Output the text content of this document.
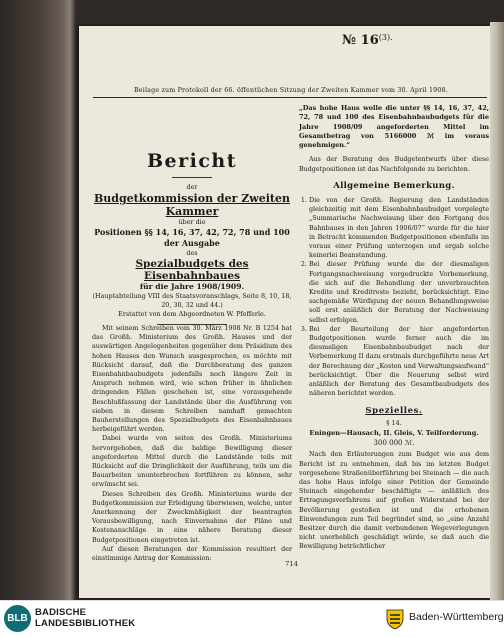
№ $16^{(3).}$
Beilage zum Protokoll der 66. öffentlichen Sitzung der Zweiten Kammer vom 30. April 1908.
Bericht
der
Budgetkommission der Zweiten Kammer
über die
Positionen §§ 14, 16, 37, 42, 72, 78 und 100 der Ausgabe
des
Spezialbudgets des Eisenbahnbaues
für die Jahre 1908/1909.
(Hauptabteilung VIII des Staatsvoranschlags, Seite 8, 10, 18, 20, 30, 32 und 44.)
Erstattet von dem Abgeordneten W. Pfefferle.

Mit seinem Schreiben vom 30. März 1908 Nr. B 1254 hat das Großh. Ministerium des Großh. Hauses und der auswärtigen Angelegenheiten gegenüber dem Präsidium des hohen Hauses den Wunsch ausgesprochen, es möchte mit Rücksicht darauf, daß die Durchberatung des ganzen Eisenbahnbaubudgets jedenfalls noch längere Zeit in Anspruch nehmen wird, wie schon früher in ähnlichen dringenden Fällen geschehen ist, eine vorausgehende Beschlußfassung der Landstände über die Ausführung von sieben in diesem Schreiben namhaft gemachten Bauherstellungen des Spezialbudgets des Eisenbahnbaues herbeigeführt werden.

Dabei wurde von seiten des Großh. Ministeriums hervorgehoben, daß die baldige Bewilligung dieser angeforderten Mittel durch die Landstände teils mit Rücksicht auf die Dringlichkeit der Ausführung, teils um die Bauarbeiten ununterbrochen fortführen zu können, sehr erwünscht sei.

Dieses Schreiben des Großh. Ministeriums wurde der Budgetkommission zur Erledigung überwiesen, welche, unter Anerkennung der Zweckmäßigkeit der beantragten Vorausbewilligung, nach Einvernahme der Pläne und Kostenanschläge in eine nähere Beratung dieser Budgetpositionen eingetreten ist.

Auf diesen Beratungen der Kommission resultiert der einstimmige Antrag der Kommission:

„Das hohe Haus wolle die unter §§ 14, 16, 37, 42, 72, 78 und 100 des Eisenbahnbaubudgets für die Jahre 1908/09 angeforderten Mittel im Gesamtbetrag von 5166000 ℳ im voraus genehmigen.“

Aus der Beratung des Budgetentwurfs über diese Budgetpositionen ist das Nachfolgende zu berichten.

Allgemeine Bemerkung.
1. Die von der Großh. Regierung den Landständen gleichzeitig mit dem Eisenbahnbaubudget vorgelegte „Summarische Nachweisung über den Fortgang des Bahnbaues in den Jahren 1906/07“ wurde für die hier in Betracht kommenden Budgetpositionen ebenfalls im voraus einer Prüfung unterzogen und ergab solche keinerlei Beanstandung.
2. Bei dieser Prüfung wurde die der diesmaligen Fortgangsnachweisung vorgedruckte Vorbemerkung, die sich auf die Behandlung der unverbrauchten Kredite und Kreditreste bezieht, berücksichtigt. Eine sachgemäße Würdigung der neuen Behandlungsweise soll erst anläßlich der Beratung der Nachweisung selbst erfolgen.
3. Bei der Beurteilung der hier angeforderten Budgetpositionen wurde ferner auch die im diesmaligen Eisenbahnbaubudget nach der Vorbemerkung II dazu erstmals durchgeführte neue Art der Berechnung der „Kosten und Verwaltungsaufwand“ berücksichtigt. Über die Neuerung selbst wird anläßlich der Beratung des Gesamtbaubudgets des näheren berichtet werden.
Spezielles.
§ 14.
Eningen—Hausach, II. Gleis, V. Teilforderung.
300 000 ℳ.

Nach den Erläuterungen zum Budget wie aus dem Bericht ist zu entnehmen, daß bis im letzten Budget vorgesehene Straßenüberführung bei Steinach — die auch das hohe Haus infolge einer Petition der Gemeinde Steinach eingehender beschäftigte — anläßlich des Ertragungsverfahrens auf großen Widerstand bei der Bevölkerung gestoßen ist und die erhobenen Einwendungen zum Teil begründet sind, so „eine Anzahl Besitzer durch die damit verbundenen Wegeverlegungen nicht unerheblich geschädigt würde, so daß auch die Bewilligung beträchtlicher

714
BLB
BADISCHE
LANDESBIBLIOTHEK
Baden-Württemberg
